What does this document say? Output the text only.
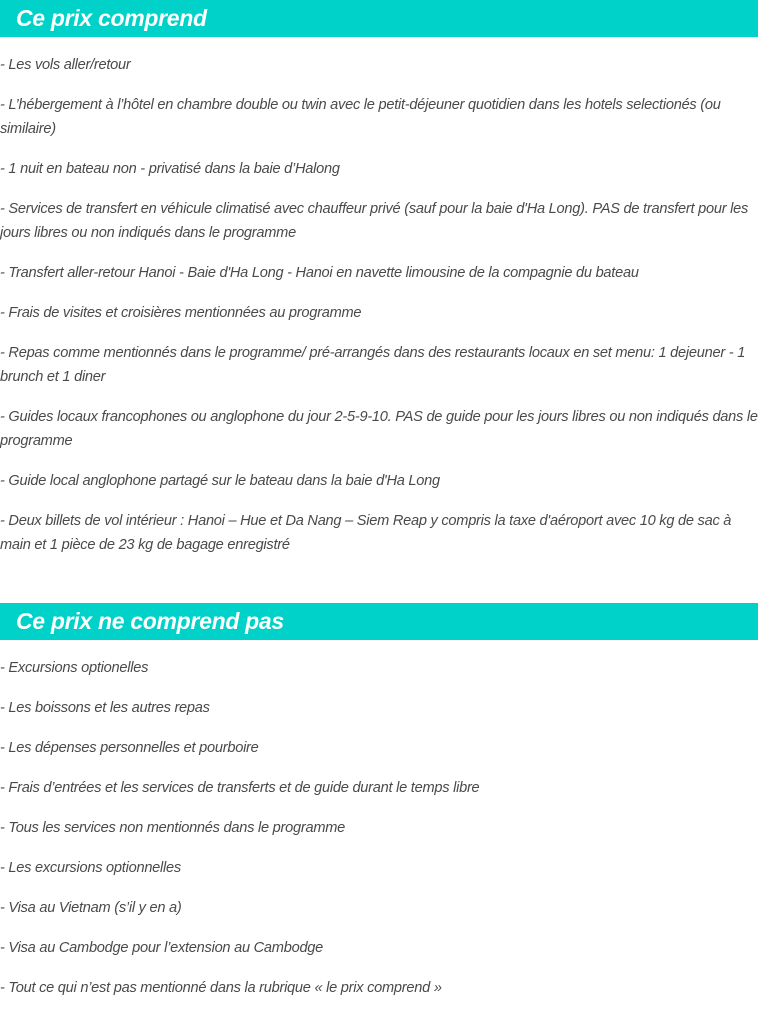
Ce prix comprend
- Les vols aller/retour
- L’hébergement à l’hôtel en chambre double ou twin avec le petit-déjeuner quotidien dans les hotels selectionés (ou similaire)
- 1 nuit en bateau non - privatisé dans la baie d’Halong
- Services de transfert en véhicule climatisé avec chauffeur privé (sauf pour la baie d'Ha Long). PAS de transfert pour les jours libres ou non indiqués dans le programme
- Transfert aller-retour Hanoi - Baie d'Ha Long - Hanoi en navette limousine de la compagnie du bateau
- Frais de visites et croisières mentionnées au programme
- Repas comme mentionnés dans le programme/ pré-arrangés dans des restaurants locaux en set menu: 1 dejeuner - 1 brunch et 1 diner
- Guides locaux francophones ou anglophone du jour 2-5-9-10. PAS de guide pour les jours libres ou non indiqués dans le programme
- Guide local anglophone partagé sur le bateau dans la baie d'Ha Long
- Deux billets de vol intérieur : Hanoi – Hue et Da Nang – Siem Reap y compris la taxe d'aéroport avec 10 kg de sac à main et 1 pièce de 23 kg de bagage enregistré
Ce prix ne comprend pas
- Excursions optionelles
- Les boissons et les autres repas
- Les dépenses personnelles et pourboire
- Frais d’entrées et les services de transferts et de guide durant le temps libre
- Tous les services non mentionnés dans le programme
- Les excursions optionnelles
- Visa au Vietnam (s’il y en a)
- Visa au Cambodge pour l’extension au Cambodge
- Tout ce qui n’est pas mentionné dans la rubrique « le prix comprend »
